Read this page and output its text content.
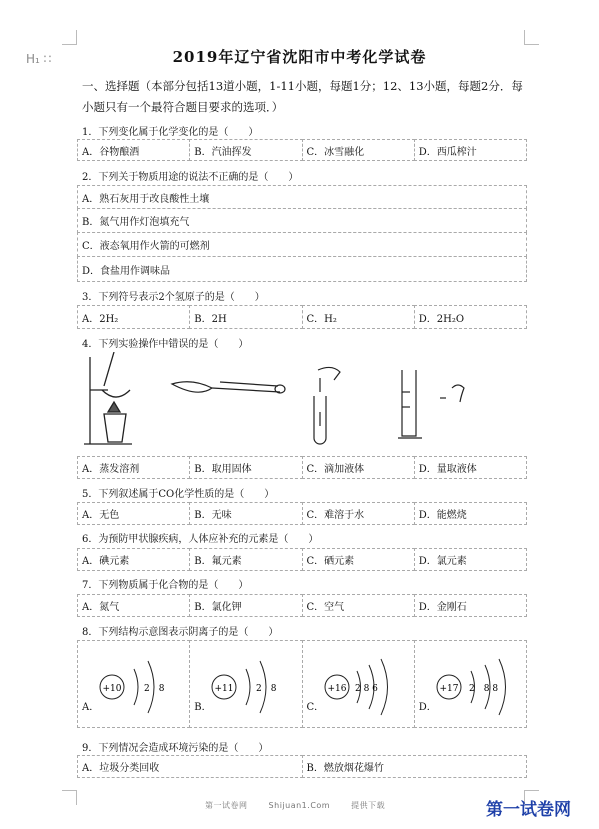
H₁ ∷	2019年辽宁省沈阳市中考化学试卷
一、选择题（本部分包括13道小题，1-11小题，每题1分；12、13小题，每题2分．每小题只有一个最符合题目要求的选项．）
1．下列变化属于化学变化的是（　　）
A．谷物酿酒	B．汽油挥发	C．冰雪融化	D．西瓜榨汁
2．下列关于物质用途的说法不正确的是（　　）
A．熟石灰用于改良酸性土壤
B．氮气用作灯泡填充气
C．液态氧用作火箭的可燃剂
D．食盐用作调味品
3．下列符号表示2个氢原子的是（　　）
A．2H₂	B．2H	C．H₂	D．2H₂O
4．下列实验操作中错误的是（　　）
A．蒸发溶剂	B．取用固体	C．滴加液体	D．量取液体
5．下列叙述属于CO化学性质的是（　　）
A．无色	B．无味	C．难溶于水	D．能燃烧
6．为预防甲状腺疾病，人体应补充的元素是（　　）
A．碘元素	B．氟元素	C．硒元素	D．氯元素
7．下列物质属于化合物的是（　　）
A．氮气	B．氯化钾	C．空气	D．金刚石
8．下列结构示意图表示阴离子的是（　　）
A．
+10	2　8
B．
+11	2　8
C．
+16 2 8 6
D．
+17 2　8 8
9．下列情况会造成环境污染的是（　　）
A．垃圾分类回收	B．燃放烟花爆竹
第一试卷网	Shijuan1.Com	提供下载	第一试卷网
